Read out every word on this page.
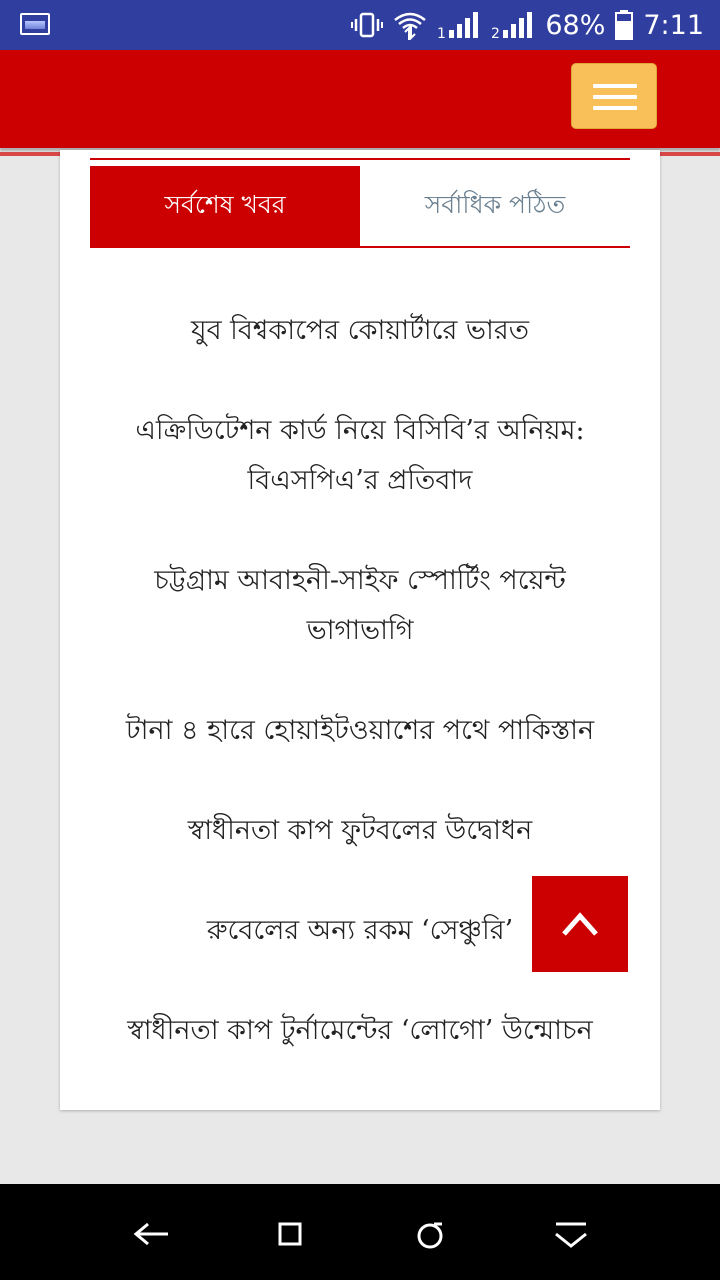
1	2 68% 7:11
সর্বশেষ খবর	সর্বাধিক পঠিত
যুব বিশ্বকাপের কোয়ার্টারে ভারত
এক্রিডিটেশন কার্ড নিয়ে বিসিবি’র অনিয়ম: বিএসপিএ’র প্রতিবাদ
চট্টগ্রাম আবাহনী-সাইফ স্পোর্টিং পয়েন্ট ভাগাভাগি
টানা ৪ হারে হোয়াইটওয়াশের পথে পাকিস্তান
স্বাধীনতা কাপ ফুটবলের উদ্বোধন
রুবেলের অন্য রকম ‘সেঞ্চুরি’
স্বাধীনতা কাপ টুর্নামেন্টের ‘লোগো’ উন্মোচন
